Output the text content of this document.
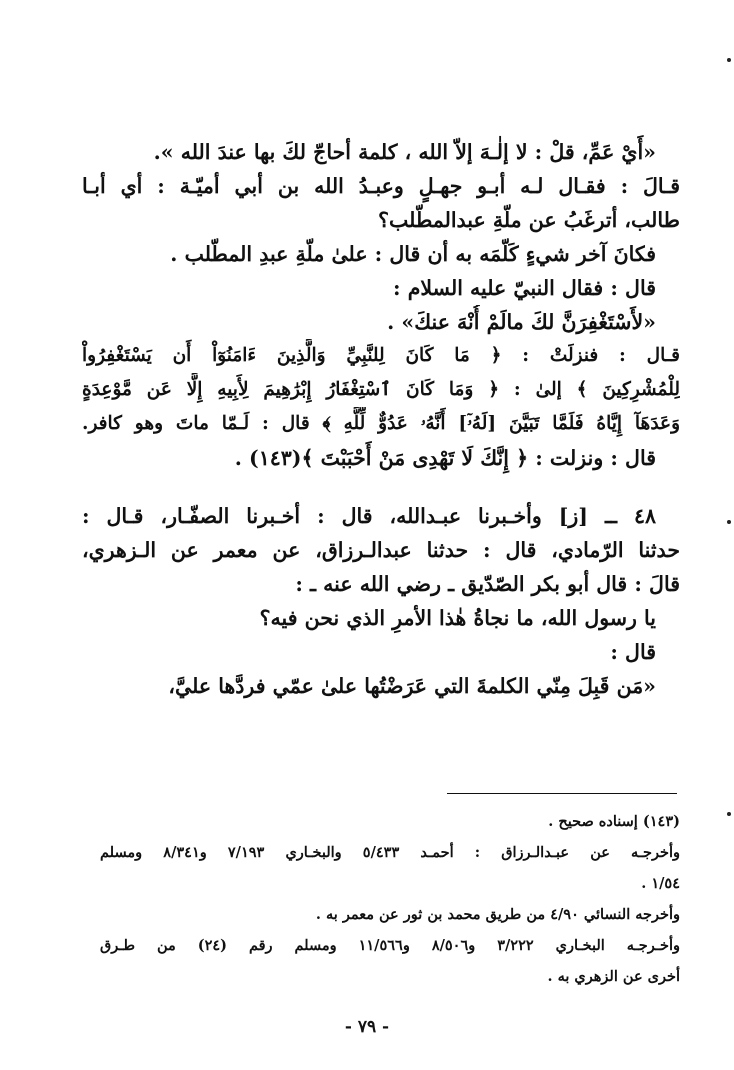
«أَيْ عَمِّ، قلْ : لا إلٰـهَ إلاّ الله ، كلمة أحاجّ لكَ بها عندَ الله ».
قـالَ : فقـال لـه أبـو جهـلٍ وعبـدُ الله بن أبي أميّـة : أي أبـا
طالب، أترغَبُ عن ملّةِ عبدالمطّلب؟
فكانَ آخر شيءٍ كَلّمَه به أن قال : علىٰ ملّةِ عبدِ المطّلب .
قال : فقال النبيّ عليه السلام :
«لأَسْتَغْفِرَنَّ لكَ مالَمْ أُنْهَ عنكَ» .
قـال : فنزلَتْ : ﴿ مَا كَانَ لِلنَّبِيِّ وَالَّذِينَ ءَامَنُوٓاْ أَن يَسْتَغْفِرُواْ
لِلْمُشْرِكِينَ ﴾ إلىٰ : ﴿ وَمَا كَانَ ٱسْتِغْفَارُ إِبْرَٰهِيمَ لِأَبِيهِ إِلَّا عَن مَّوْعِدَةٍ
وَعَدَهَآ إِيَّاهُ فَلَمَّا تَبَيَّنَ [لَهُۥٓ] أَنَّهُۥ عَدُوٌّ لِّلَّهِ ﴾ قال : لَـمّا ماتَ وهو كافر.
قال : ونزلت : ﴿ إِنَّكَ لَا تَهْدِى مَنْ أَحْبَبْتَ ﴾(١٤٣) .
٤٨ ــ [ز] وأخـبرنا عبـدالله، قال : أخـبرنا الصفّـار، قـال :
حدثنا الرّمادي، قال : حدثنا عبدالـرزاق، عن معمر عن الـزهري،
قالَ : قال أبو بكر الصّدّيق ـ رضي الله عنه ـ :
يا رسول الله، ما نجاةُ هٰذا الأمرِ الذي نحن فيه؟
قال :
«مَن قَبِلَ مِنّي الكلمةَ التي عَرَضْتُها علىٰ عمّي فردَّها عليَّ،
(١٤٣) إسناده صحيح .
وأخرجـه عن عبـدالـرزاق : أحمـد ٥/٤٣٣ والبخـاري ٧/١٩٣ و٨/٣٤١ ومسلم
١/٥٤ .
وأخرجه النسائي ٤/٩٠ من طريق محمد بن ثور عن معمر به .
وأخـرجـه البخـاري ٣/٢٢٢ و٨/٥٠٦ و١١/٥٦٦ ومسلم رقم (٢٤) من طـرق
أخرى عن الزهري به .
- ٧٩ -
